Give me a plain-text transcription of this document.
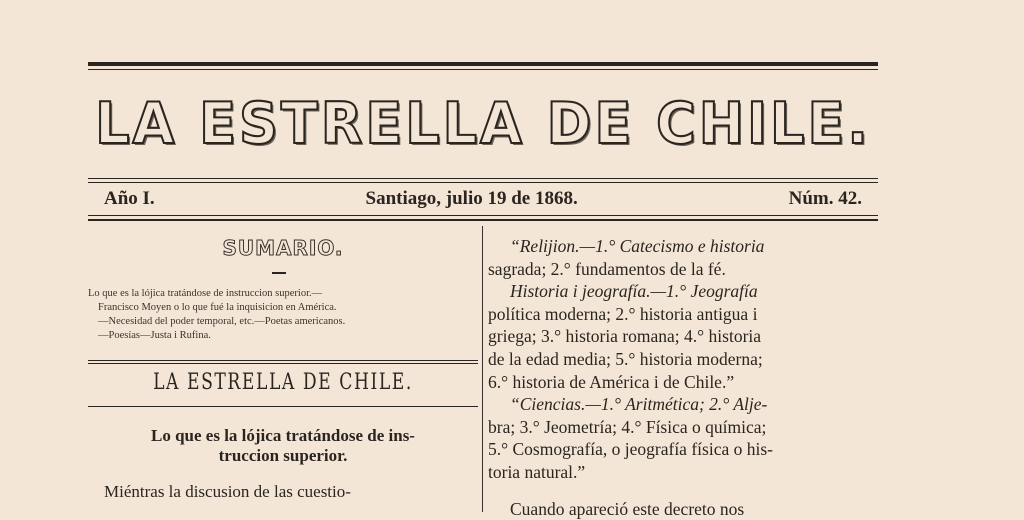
LA ESTRELLA DE CHILE.
Año I.	Santiago, julio 19 de 1868.	Núm. 42.
SUMARIO.

Lo que es la lójica tratándose de instruccion superior.—

Francisco Moyen o lo que fué la inquisicion en América.

—Necesidad del poder temporal, etc.—Poetas americanos.

—Poesías—Justa i Rufina.

LA ESTRELLA DE CHILE.
Lo que es la lójica tratándose de ins-
truccion superior.

Miéntras la discusion de las cuestio-

“Relijion.—1.° Catecismo e historia

sagrada; 2.° fundamentos de la fé.

Historia i jeografía.—1.° Jeografía

política moderna; 2.° historia antigua i

griega; 3.° historia romana; 4.° historia

de la edad media; 5.° historia moderna;

6.° historia de América i de Chile.”

“Ciencias.—1.° Aritmética; 2.° Alje-

bra; 3.° Jeometría; 4.° Física o química;

5.° Cosmografía, o jeografía física o his-

toria natural.”

Cuando apareció este decreto nos
